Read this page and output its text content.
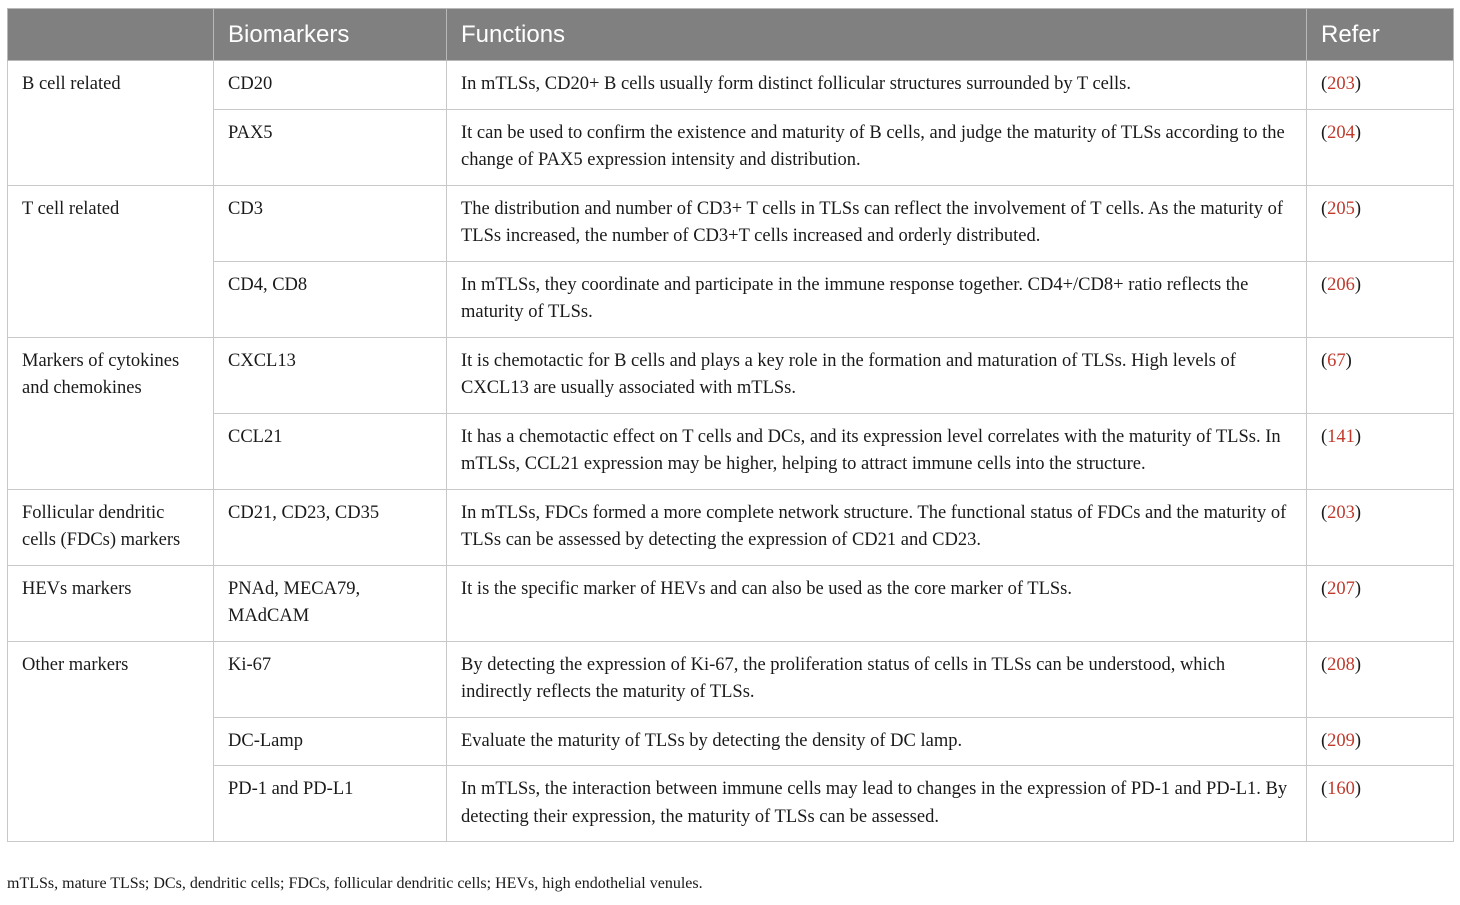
	Biomarkers	Functions	Refer
B cell related	CD20	In mTLSs, CD20+ B cells usually form distinct follicular structures surrounded by T cells.	(203)
	PAX5	It can be used to confirm the existence and maturity of B cells, and judge the maturity of TLSs according to the change of PAX5 expression intensity and distribution.	(204)
T cell related	CD3	The distribution and number of CD3+ T cells in TLSs can reflect the involvement of T cells. As the maturity of TLSs increased, the number of CD3+T cells increased and orderly distributed.	(205)
	CD4, CD8	In mTLSs, they coordinate and participate in the immune response together. CD4+/CD8+ ratio reflects the maturity of TLSs.	(206)
Markers of cytokines and chemokines	CXCL13	It is chemotactic for B cells and plays a key role in the formation and maturation of TLSs. High levels of CXCL13 are usually associated with mTLSs.	(67)
	CCL21	It has a chemotactic effect on T cells and DCs, and its expression level correlates with the maturity of TLSs. In mTLSs, CCL21 expression may be higher, helping to attract immune cells into the structure.	(141)
Follicular dendritic cells (FDCs) markers	CD21, CD23, CD35	In mTLSs, FDCs formed a more complete network structure. The functional status of FDCs and the maturity of TLSs can be assessed by detecting the expression of CD21 and CD23.	(203)
HEVs markers	PNAd, MECA79, MAdCAM	It is the specific marker of HEVs and can also be used as the core marker of TLSs.	(207)
Other markers	Ki-67	By detecting the expression of Ki-67, the proliferation status of cells in TLSs can be understood, which indirectly reflects the maturity of TLSs.	(208)
	DC-Lamp	Evaluate the maturity of TLSs by detecting the density of DC lamp.	(209)
	PD-1 and PD-L1	In mTLSs, the interaction between immune cells may lead to changes in the expression of PD-1 and PD-L1. By detecting their expression, the maturity of TLSs can be assessed.	(160)
mTLSs, mature TLSs; DCs, dendritic cells; FDCs, follicular dendritic cells; HEVs, high endothelial venules.
